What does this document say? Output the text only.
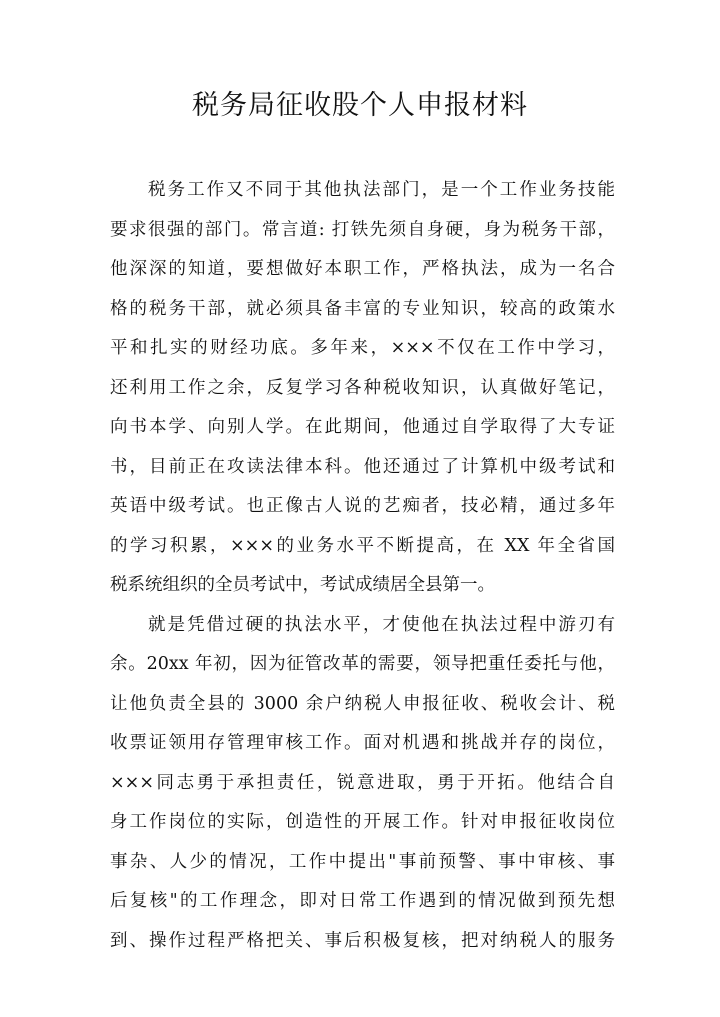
税务局征收股个人申报材料
税务工作又不同于其他执法部门，是一个工作业务技能
要求很强的部门。常言道: 打铁先须自身硬，身为税务干部，
他深深的知道，要想做好本职工作，严格执法，成为一名合
格的税务干部，就必须具备丰富的专业知识，较高的政策水
平和扎实的财经功底。多年来，×××不仅在工作中学习，
还利用工作之余，反复学习各种税收知识，认真做好笔记，
向书本学、向别人学。在此期间，他通过自学取得了大专证
书，目前正在攻读法律本科。他还通过了计算机中级考试和
英语中级考试。也正像古人说的艺痴者，技必精，通过多年
的学习积累，×××的业务水平不断提高，在 XX 年全省国
税系统组织的全员考试中，考试成绩居全县第一。
就是凭借过硬的执法水平，才使他在执法过程中游刃有
余。20xx 年初，因为征管改革的需要，领导把重任委托与他，
让他负责全县的 3000 余户纳税人申报征收、税收会计、税
收票证领用存管理审核工作。面对机遇和挑战并存的岗位，
×××同志勇于承担责任，锐意进取，勇于开拓。他结合自
身工作岗位的实际，创造性的开展工作。针对申报征收岗位
事杂、人少的情况，工作中提出"事前预警、事中审核、事
后复核"的工作理念，即对日常工作遇到的情况做到预先想
到、操作过程严格把关、事后积极复核，把对纳税人的服务
